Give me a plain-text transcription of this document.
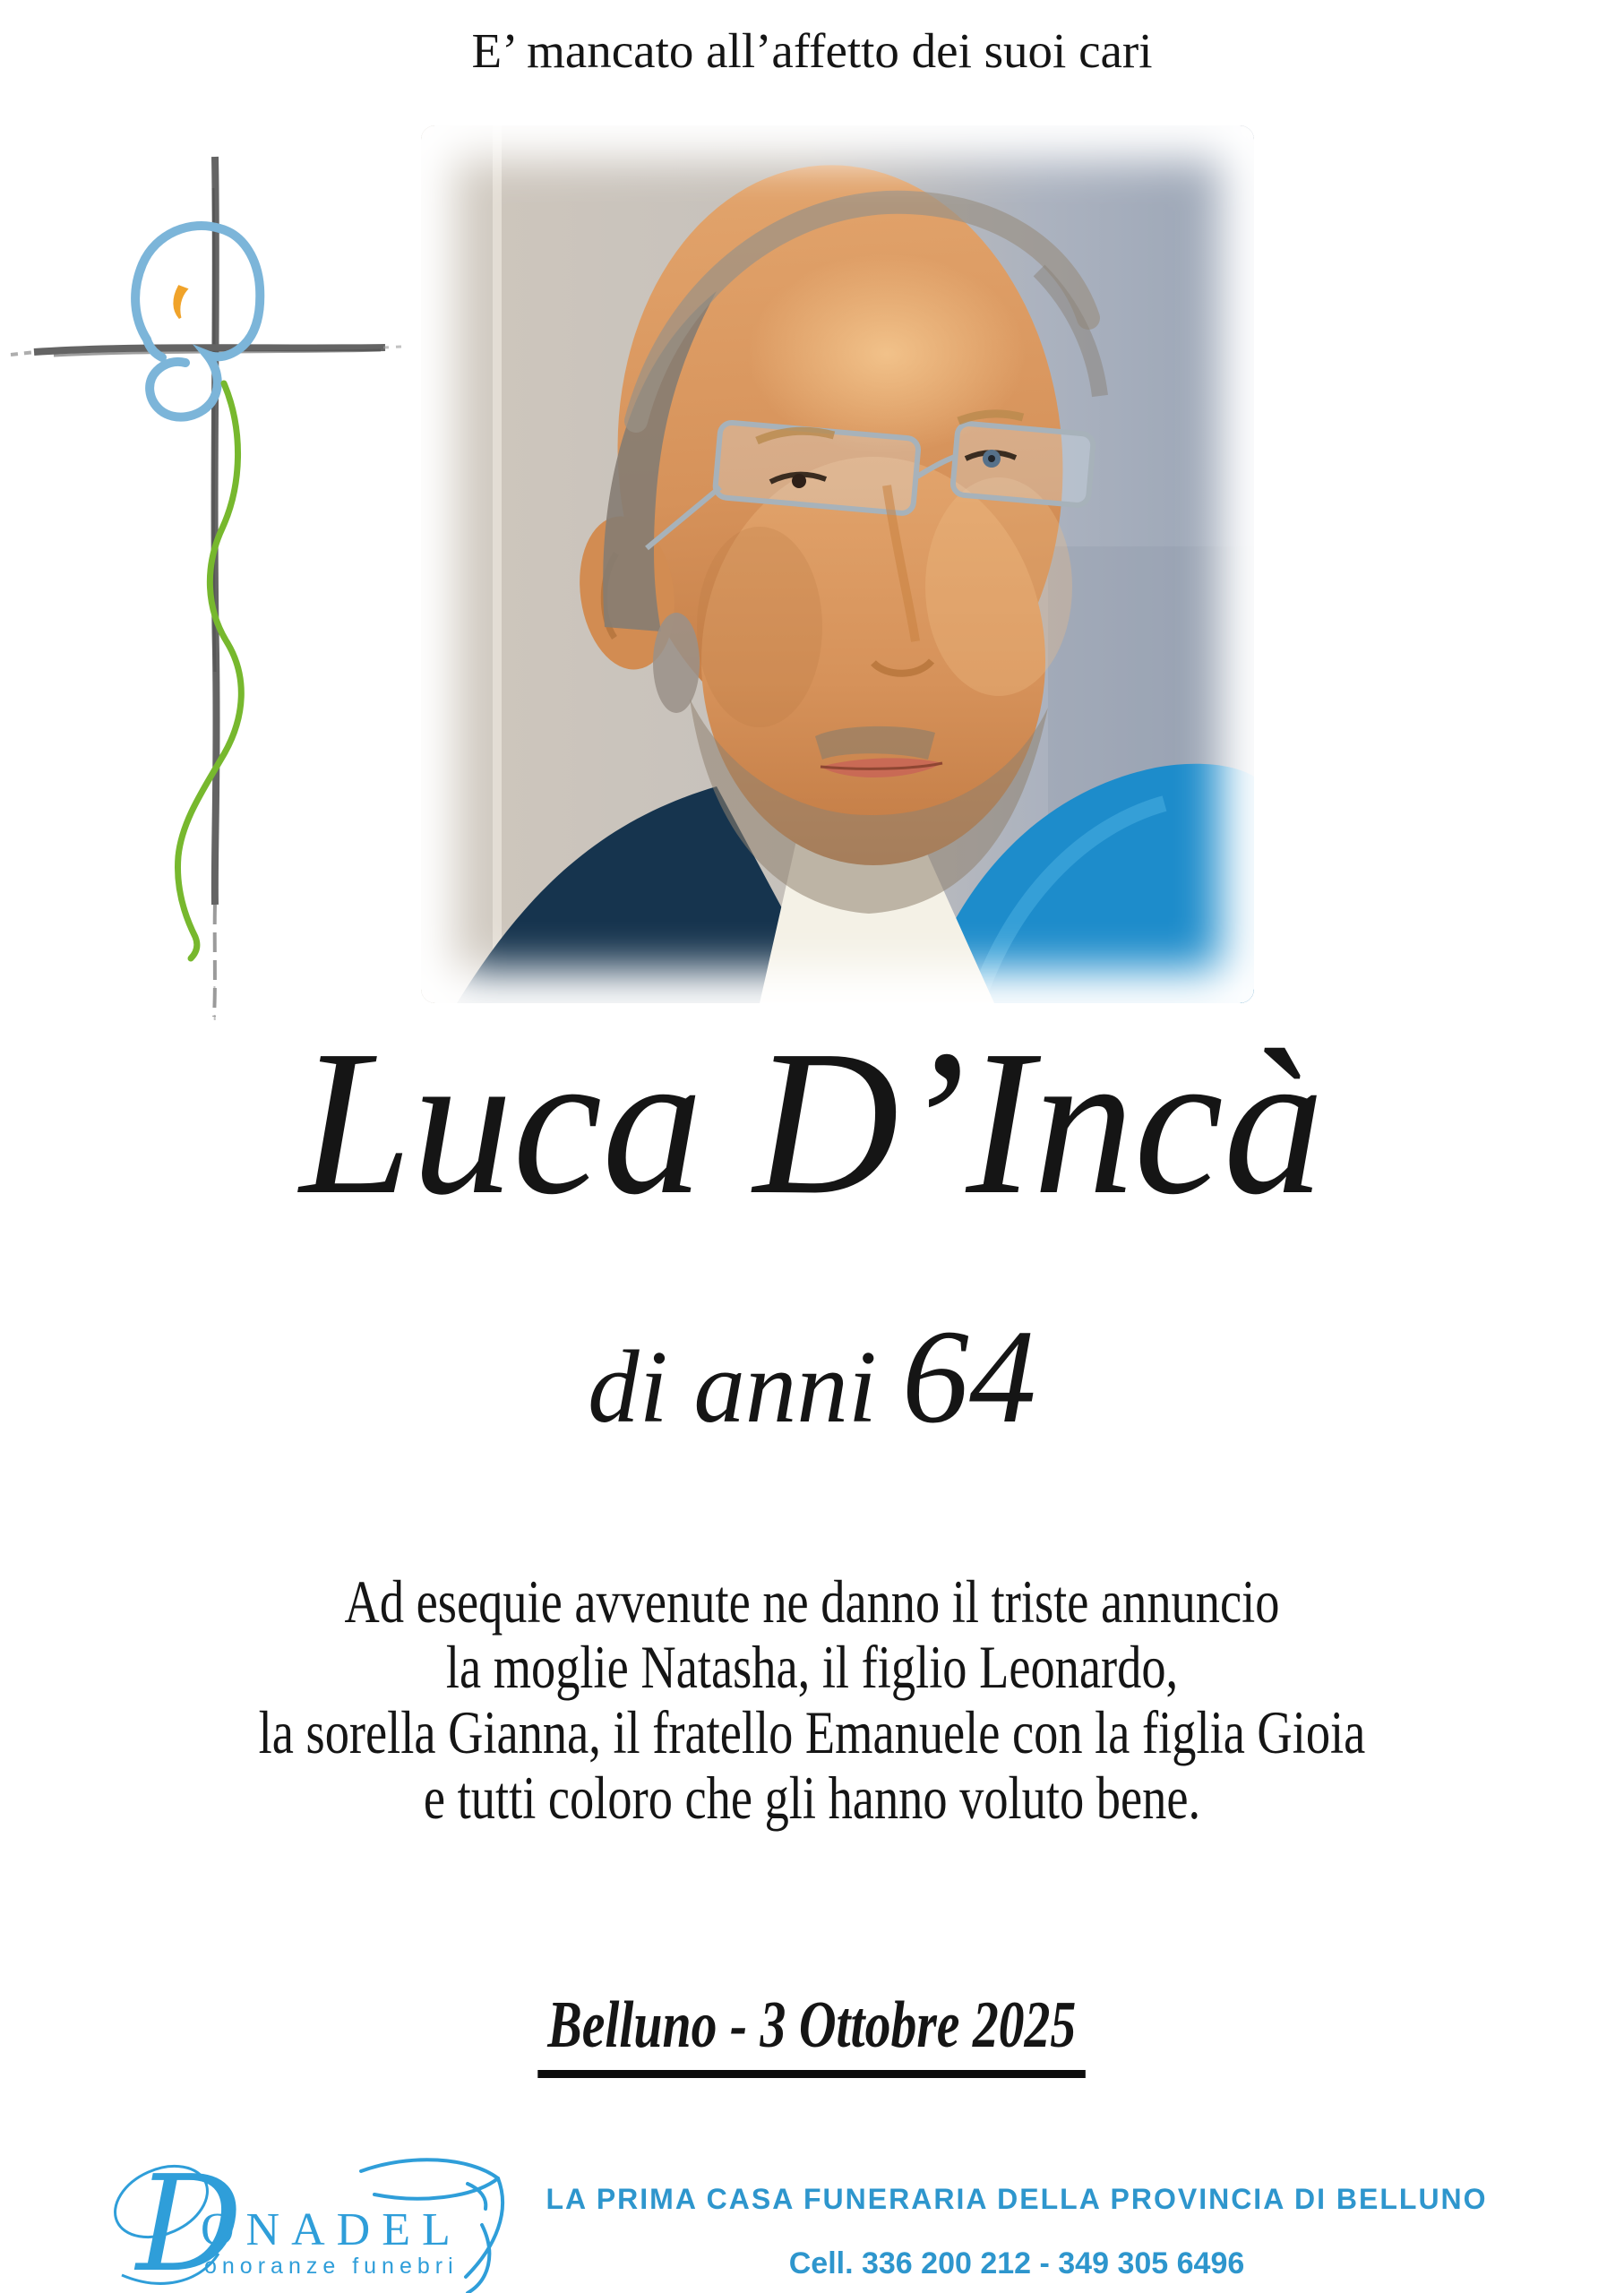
E’ mancato all’affetto dei suoi cari
Luca D’Incà
di anni 64
Ad esequie avvenute ne danno il triste annuncio
la moglie Natasha, il figlio Leonardo,
la sorella Gianna, il fratello Emanuele con la figlia Gioia
e tutti coloro che gli hanno voluto bene.
Belluno - 3 Ottobre 2025
D
ONADEL
onoranze funebri
LA PRIMA CASA FUNERARIA DELLA PROVINCIA DI BELLUNO
Cell. 336 200 212 - 349 305 6496
